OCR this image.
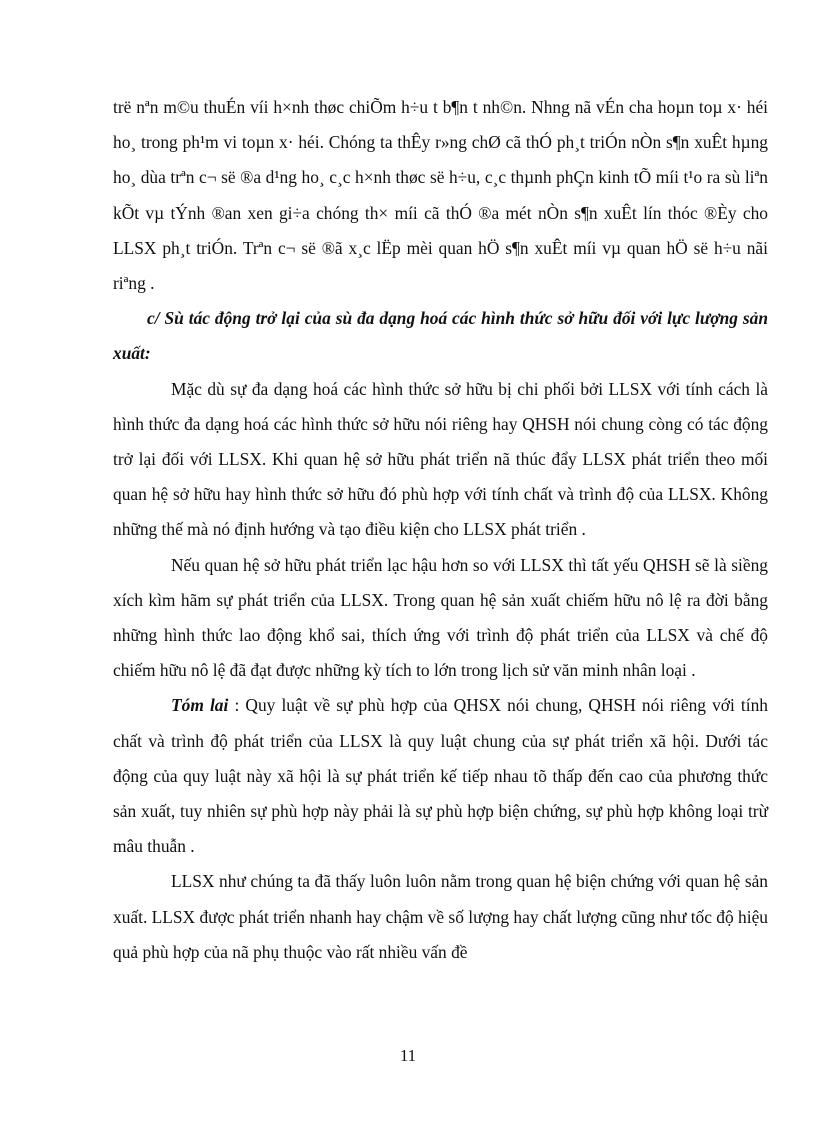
trë nªn m©u thuÉn víi h×nh thøc chiÕm h÷u t b¶n t nh©n. Nhng nã vÉn cha hoµn toµ x· héi ho¸ trong ph¹m vi toµn x· héi. Chóng ta thÊy r»ng chØ cã thÓ ph¸t triÓn nÒn s¶n xuÊt hµng ho¸ dùa trªn c¬ së ®a d¹ng ho¸ c¸c h×nh thøc së h÷u, c¸c thµnh phÇn kinh tÕ míi t¹o ra sù liªn kÕt vµ tÝnh ®an xen gi÷a chóng th× míi cã thÓ ®a mét nÒn s¶n xuÊt lín thóc ®Èy cho LLSX ph¸t triÓn. Trªn c¬ së ®ã x¸c lËp mèi quan hÖ s¶n xuÊt míi vµ quan hÖ së h÷u nãi riªng .

c/ Sù tác động trở lại của sù đa dạng hoá các hình thức sở hữu đối với lực lượng sản xuất:

Mặc dù sự đa dạng hoá các hình thức sở hữu bị chi phối bởi LLSX với tính cách là hình thức đa dạng hoá các hình thức sở hữu nói riêng hay QHSH nói chung còng có tác động trở lại đối với LLSX. Khi quan hệ sở hữu phát triển nã thúc đẩy LLSX phát triển theo mối quan hệ sở hữu hay hình thức sở hữu đó phù hợp với tính chất và trình độ của LLSX. Không những thế mà nó định hướng và tạo điều kiện cho LLSX phát triển .

Nếu quan hệ sở hữu phát triển lạc hậu hơn so với LLSX thì tất yếu QHSH sẽ là siềng xích kìm hãm sự phát triển của LLSX. Trong quan hệ sản xuất chiếm hữu nô lệ ra đời bằng những hình thức lao động khổ sai, thích ứng với trình độ phát triển của LLSX và chế độ chiếm hữu nô lệ đã đạt được những kỳ tích to lớn trong lịch sử văn minh nhân loại .

Tóm lai : Quy luật về sự phù hợp của QHSX nói chung, QHSH nói riêng với tính chất và trình độ phát triển của LLSX là quy luật chung của sự phát triển xã hội. Dưới tác động của quy luật này xã hội là sự phát triển kế tiếp nhau tõ thấp đến cao của phương thức sản xuất, tuy nhiên sự phù hợp này phải là sự phù hợp biện chứng, sự phù hợp không loại trừ mâu thuẫn .

LLSX như chúng ta đã thấy luôn luôn nằm trong quan hệ biện chứng với quan hệ sản xuất. LLSX được phát triển nhanh hay chậm về số lượng hay chất lượng cũng như tốc độ hiệu quả phù hợp của nã phụ thuộc vào rất nhiều vấn đề

11
